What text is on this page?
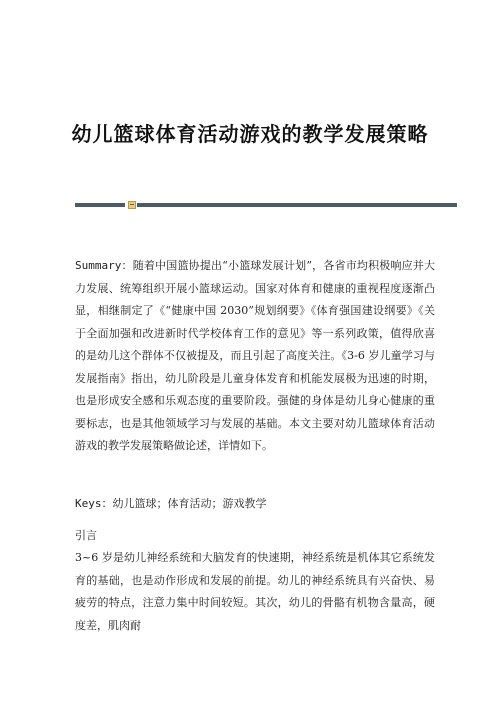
幼儿篮球体育活动游戏的教学发展策略
Summary：随着中国篮协提出“小篮球发展计划”，各省市均积极响应并大力发展、统筹组织开展小篮球运动。国家对体育和健康的重视程度逐渐凸显，相继制定了《“健康中国 2030”规划纲要》《体育强国建设纲要》《关于全面加强和改进新时代学校体育工作的意见》等一系列政策，值得欣喜的是幼儿这个群体不仅被提及，而且引起了高度关注。《3-6 岁儿童学习与发展指南》指出，幼儿阶段是儿童身体发育和机能发展极为迅速的时期，也是形成安全感和乐观态度的重要阶段。强健的身体是幼儿身心健康的重要标志，也是其他领域学习与发展的基础。本文主要对幼儿篮球体育活动游戏的教学发展策略做论述，详情如下。
Keys：幼儿篮球；体育活动；游戏教学
引言
3~6 岁是幼儿神经系统和大脑发育的快速期，神经系统是机体其它系统发育的基础，也是动作形成和发展的前提。幼儿的神经系统具有兴奋快、易疲劳的特点，注意力集中时间较短。其次，幼儿的骨骼有机物含量高，硬度差，肌肉耐
